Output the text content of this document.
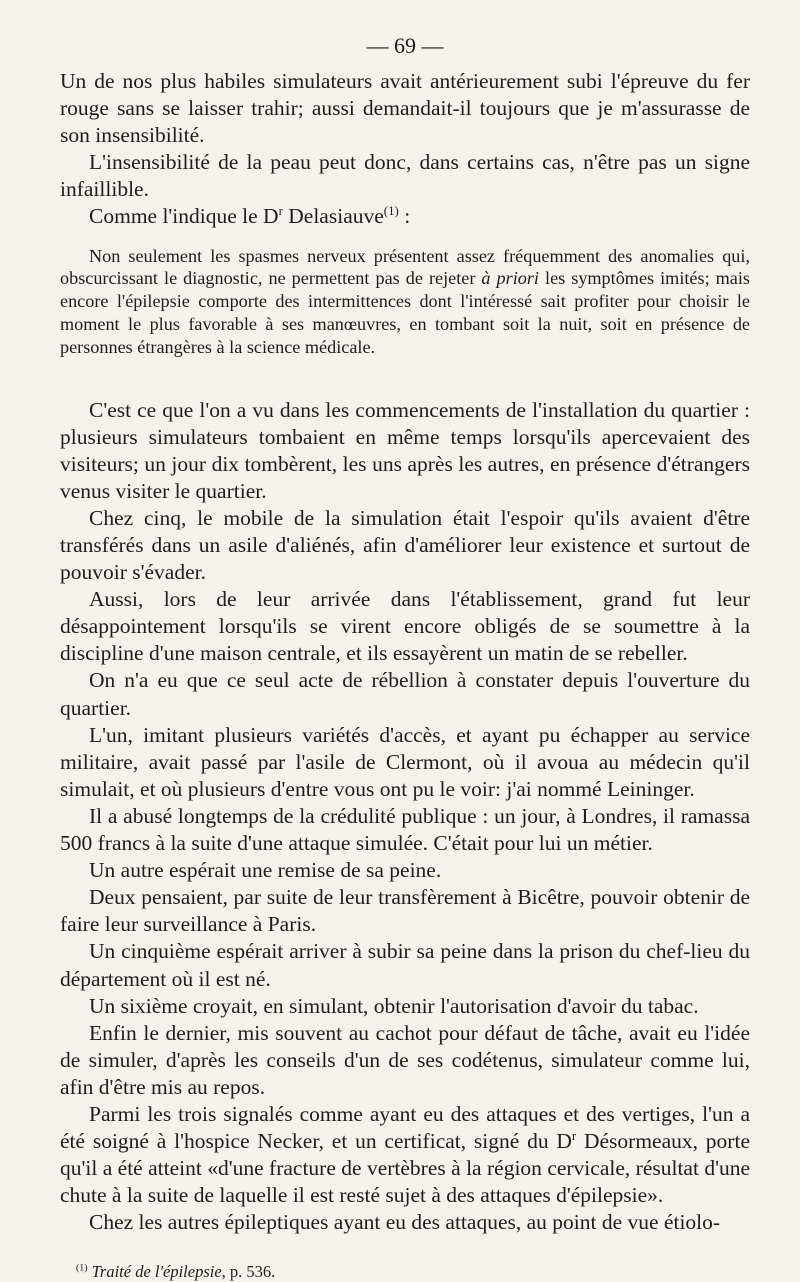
— 69 —

Un de nos plus habiles simulateurs avait antérieurement subi l'épreuve du fer rouge sans se laisser trahir; aussi demandait-il toujours que je m'assurasse de son insensibilité.

L'insensibilité de la peau peut donc, dans certains cas, n'être pas un signe infaillible.

Comme l'indique le $D^r$ Delasiauve$^{(1)}$ :

Non seulement les spasmes nerveux présentent assez fréquemment des anomalies qui, obscurcissant le diagnostic, ne permettent pas de rejeter à priori les symptômes imités; mais encore l'épilepsie comporte des intermittences dont l'intéressé sait profiter pour choisir le moment le plus favorable à ses manœuvres, en tombant soit la nuit, soit en présence de personnes étrangères à la science médicale.

C'est ce que l'on a vu dans les commencements de l'installation du quartier : plusieurs simulateurs tombaient en même temps lorsqu'ils apercevaient des visiteurs; un jour dix tombèrent, les uns après les autres, en présence d'étrangers venus visiter le quartier.

Chez cinq, le mobile de la simulation était l'espoir qu'ils avaient d'être transférés dans un asile d'aliénés, afin d'améliorer leur existence et surtout de pouvoir s'évader.

Aussi, lors de leur arrivée dans l'établissement, grand fut leur désappointement lorsqu'ils se virent encore obligés de se soumettre à la discipline d'une maison centrale, et ils essayèrent un matin de se rebeller.

On n'a eu que ce seul acte de rébellion à constater depuis l'ouverture du quartier.

L'un, imitant plusieurs variétés d'accès, et ayant pu échapper au service militaire, avait passé par l'asile de Clermont, où il avoua au médecin qu'il simulait, et où plusieurs d'entre vous ont pu le voir: j'ai nommé Leininger.

Il a abusé longtemps de la crédulité publique : un jour, à Londres, il ramassa 500 francs à la suite d'une attaque simulée. C'était pour lui un métier.

Un autre espérait une remise de sa peine.

Deux pensaient, par suite de leur transfèrement à Bicêtre, pouvoir obtenir de faire leur surveillance à Paris.

Un cinquième espérait arriver à subir sa peine dans la prison du chef-lieu du département où il est né.

Un sixième croyait, en simulant, obtenir l'autorisation d'avoir du tabac.

Enfin le dernier, mis souvent au cachot pour défaut de tâche, avait eu l'idée de simuler, d'après les conseils d'un de ses codétenus, simulateur comme lui, afin d'être mis au repos.

Parmi les trois signalés comme ayant eu des attaques et des vertiges, l'un a été soigné à l'hospice Necker, et un certificat, signé du $D^r$ Désormeaux, porte qu'il a été atteint «d'une fracture de vertèbres à la région cervicale, résultat d'une chute à la suite de laquelle il est resté sujet à des attaques d'épilepsie».

Chez les autres épileptiques ayant eu des attaques, au point de vue étiolo-

$^{(1)}$ Traité de l'épilepsie, p. 536.
